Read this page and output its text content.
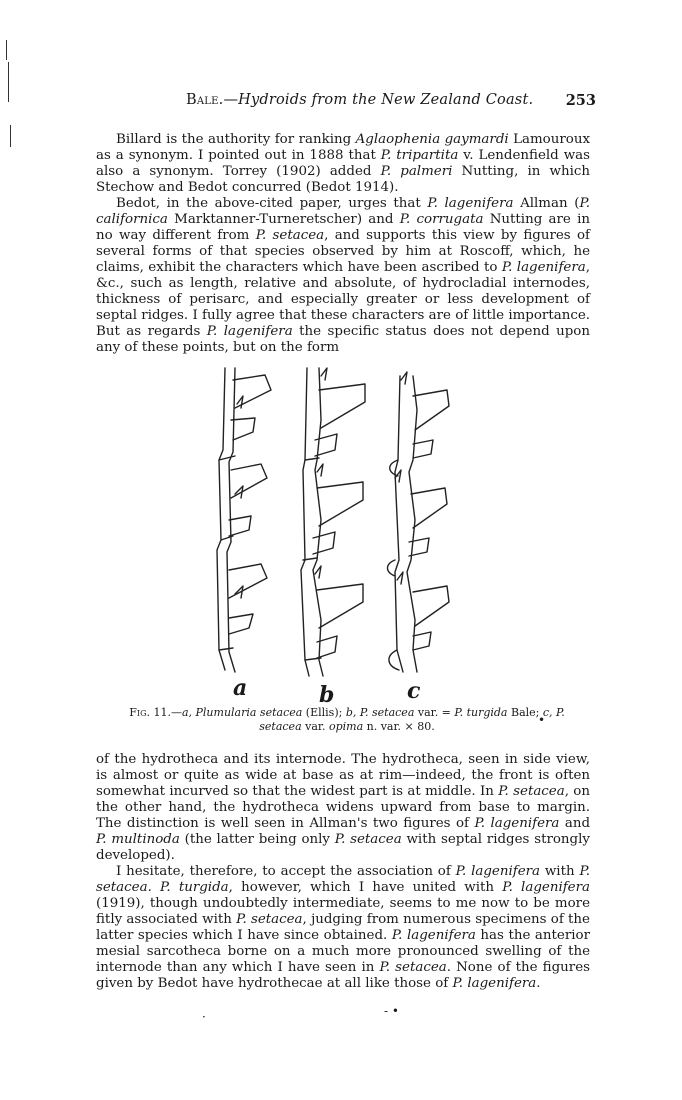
Bale.—Hydroids from the New Zealand Coast. 253

Billard is the authority for ranking Aglaophenia gaymardi Lamouroux as a synonym. I pointed out in 1888 that P. tripartita v. Lendenfield was also a synonym. Torrey (1902) added P. palmeri Nutting, in which Stechow and Bedot concurred (Bedot 1914).

Bedot, in the above-cited paper, urges that P. lagenifera Allman (P. californica Marktanner-Turneretscher) and P. corrugata Nutting are in no way different from P. setacea, and supports this view by figures of several forms of that species observed by him at Roscoff, which, he claims, exhibit the characters which have been ascribed to P. lagenifera, &c., such as length, relative and absolute, of hydrocladial internodes, thickness of perisarc, and especially greater or less development of septal ridges. I fully agree that these characters are of little importance. But as regards P. lagenifera the specific status does not depend upon any of these points, but on the form

a	b	c
Fig. 11.—a, Plumularia setacea (Ellis); b, P. setacea var. = P. turgida Bale; c, P. setacea var. opima n. var. × 80.

of the hydrotheca and its internode. The hydrotheca, seen in side view, is almost or quite as wide at base as at rim—indeed, the front is often somewhat incurved so that the widest part is at middle. In P. setacea, on the other hand, the hydrotheca widens upward from base to margin. The distinction is well seen in Allman's two figures of P. lagenifera and P. multinoda (the latter being only P. setacea with septal ridges strongly developed).

I hesitate, therefore, to accept the association of P. lagenifera with P. setacea. P. turgida, however, which I have united with P. lagenifera (1919), though undoubtedly intermediate, seems to me now to be more fitly associated with P. setacea, judging from numerous specimens of the latter species which I have since obtained. P. lagenifera has the anterior mesial sarcotheca borne on a much more pronounced swelling of the internode than any which I have seen in P. setacea. None of the figures given by Bedot have hydrothecae at all like those of P. lagenifera.

•
- •
·
